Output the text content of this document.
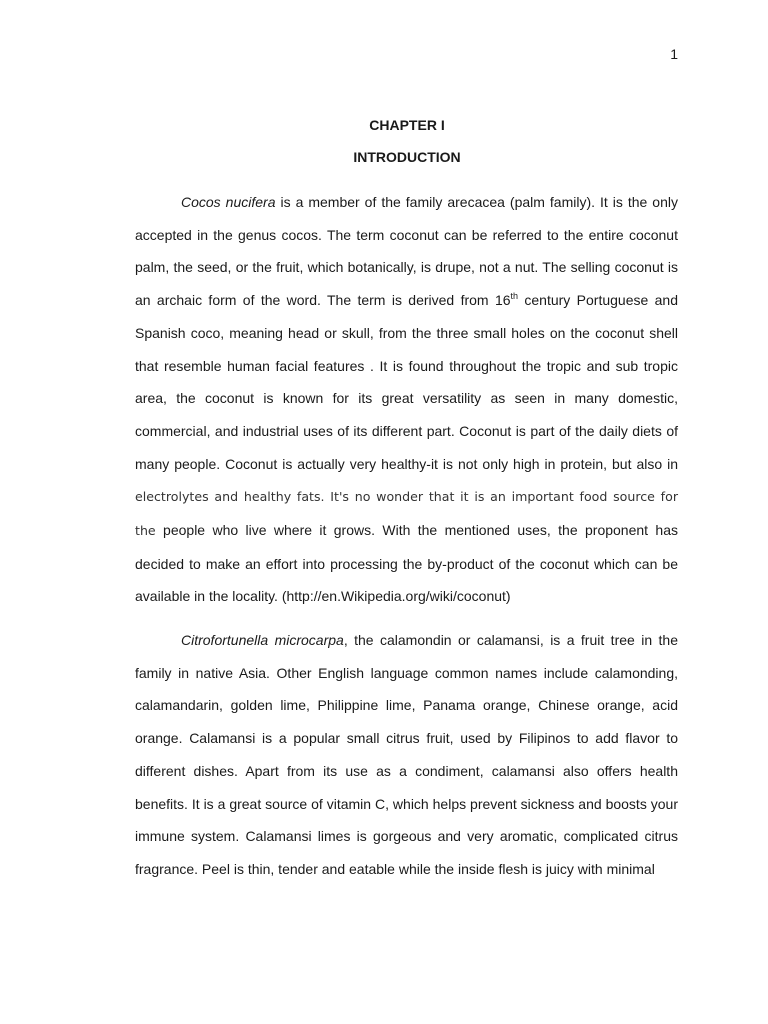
1
CHAPTER I
INTRODUCTION

Cocos nucifera is a member of the family arecacea (palm family). It is the only accepted in the genus cocos. The term coconut can be referred to the entire coconut palm, the seed, or the fruit, which botanically, is drupe, not a nut. The selling coconut is an archaic form of the word. The term is derived from 16th century Portuguese and Spanish coco, meaning head or skull, from the three small holes on the coconut shell that resemble human facial features . It is found throughout the tropic and sub tropic area, the coconut is known for its great versatility as seen in many domestic, commercial, and industrial uses of its different part. Coconut is part of the daily diets of many people. Coconut is actually very healthy-it is not only high in protein, but also in electrolytes and healthy fats. It's no wonder that it is an important food source for the people who live where it grows. With the mentioned uses, the proponent has decided to make an effort into processing the by-product of the coconut which can be available in the locality. (http://en.Wikipedia.org/wiki/coconut)

Citrofortunella microcarpa, the calamondin or calamansi, is a fruit tree in the family in native Asia. Other English language common names include calamonding, calamandarin, golden lime, Philippine lime, Panama orange, Chinese orange, acid orange. Calamansi is a popular small citrus fruit, used by Filipinos to add flavor to different dishes. Apart from its use as a condiment, calamansi also offers health benefits. It is a great source of vitamin C, which helps prevent sickness and boosts your immune system. Calamansi limes is gorgeous and very aromatic, complicated citrus fragrance. Peel is thin, tender and eatable while the inside flesh is juicy with minimal
